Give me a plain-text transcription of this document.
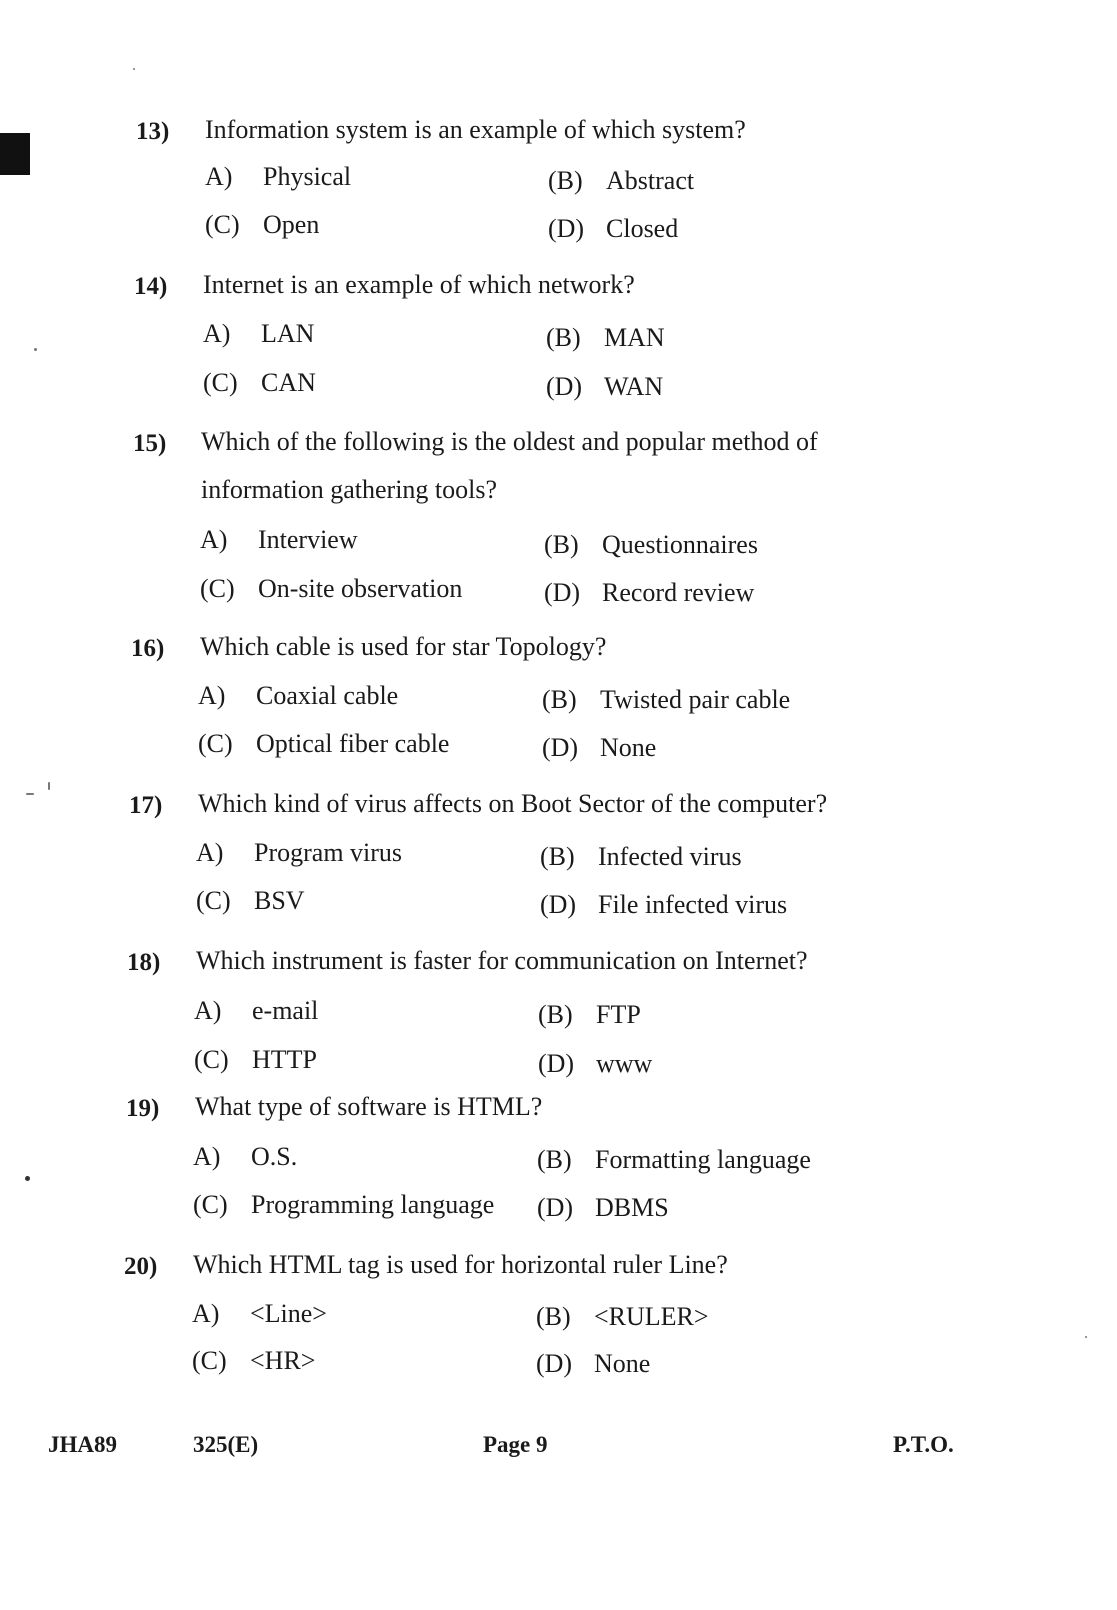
13)	Information system is an example of which system?
A) Physical	(B) Abstract
(C) Open	(D) Closed
14)	Internet is an example of which network?
A) LAN	(B) MAN
(C) CAN	(D) WAN
15)	Which of the following is the oldest and popular method of information gathering tools?
A) Interview	(B) Questionnaires
(C) On-site observation	(D) Record review
16)	Which cable is used for star Topology?
A) Coaxial cable	(B) Twisted pair cable
(C) Optical fiber cable	(D) None
17)	Which kind of virus affects on Boot Sector of the computer?
A) Program virus	(B) Infected virus
(C) BSV	(D) File infected virus
18)	Which instrument is faster for communication on Internet?
A) e-mail	(B) FTP
(C) HTTP	(D) www
19)	What type of software is HTML?
A) O.S.	(B) Formatting language
(C) Programming language (D) DBMS
20)	Which HTML tag is used for horizontal ruler Line?
A) <Line>	(B) <RULER>
(C) <HR>	(D) None
JHA89	325(E)	Page 9	P.T.O.
